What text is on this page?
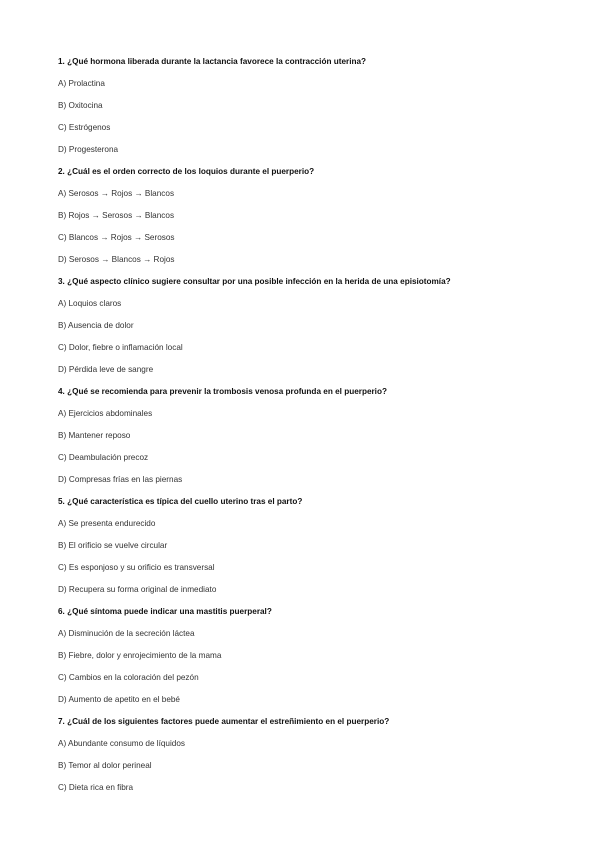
1. ¿Qué hormona liberada durante la lactancia favorece la contracción uterina?
A) Prolactina
B) Oxitocina
C) Estrógenos
D) Progesterona
2. ¿Cuál es el orden correcto de los loquios durante el puerperio?
A) Serosos → Rojos → Blancos
B) Rojos → Serosos → Blancos
C) Blancos → Rojos → Serosos
D) Serosos → Blancos → Rojos
3. ¿Qué aspecto clínico sugiere consultar por una posible infección en la herida de una episiotomía?
A) Loquios claros
B) Ausencia de dolor
C) Dolor, fiebre o inflamación local
D) Pérdida leve de sangre
4. ¿Qué se recomienda para prevenir la trombosis venosa profunda en el puerperio?
A) Ejercicios abdominales
B) Mantener reposo
C) Deambulación precoz
D) Compresas frías en las piernas
5. ¿Qué característica es típica del cuello uterino tras el parto?
A) Se presenta endurecido
B) El orificio se vuelve circular
C) Es esponjoso y su orificio es transversal
D) Recupera su forma original de inmediato
6. ¿Qué síntoma puede indicar una mastitis puerperal?
A) Disminución de la secreción láctea
B) Fiebre, dolor y enrojecimiento de la mama
C) Cambios en la coloración del pezón
D) Aumento de apetito en el bebé
7. ¿Cuál de los siguientes factores puede aumentar el estreñimiento en el puerperio?
A) Abundante consumo de líquidos
B) Temor al dolor perineal
C) Dieta rica en fibra
